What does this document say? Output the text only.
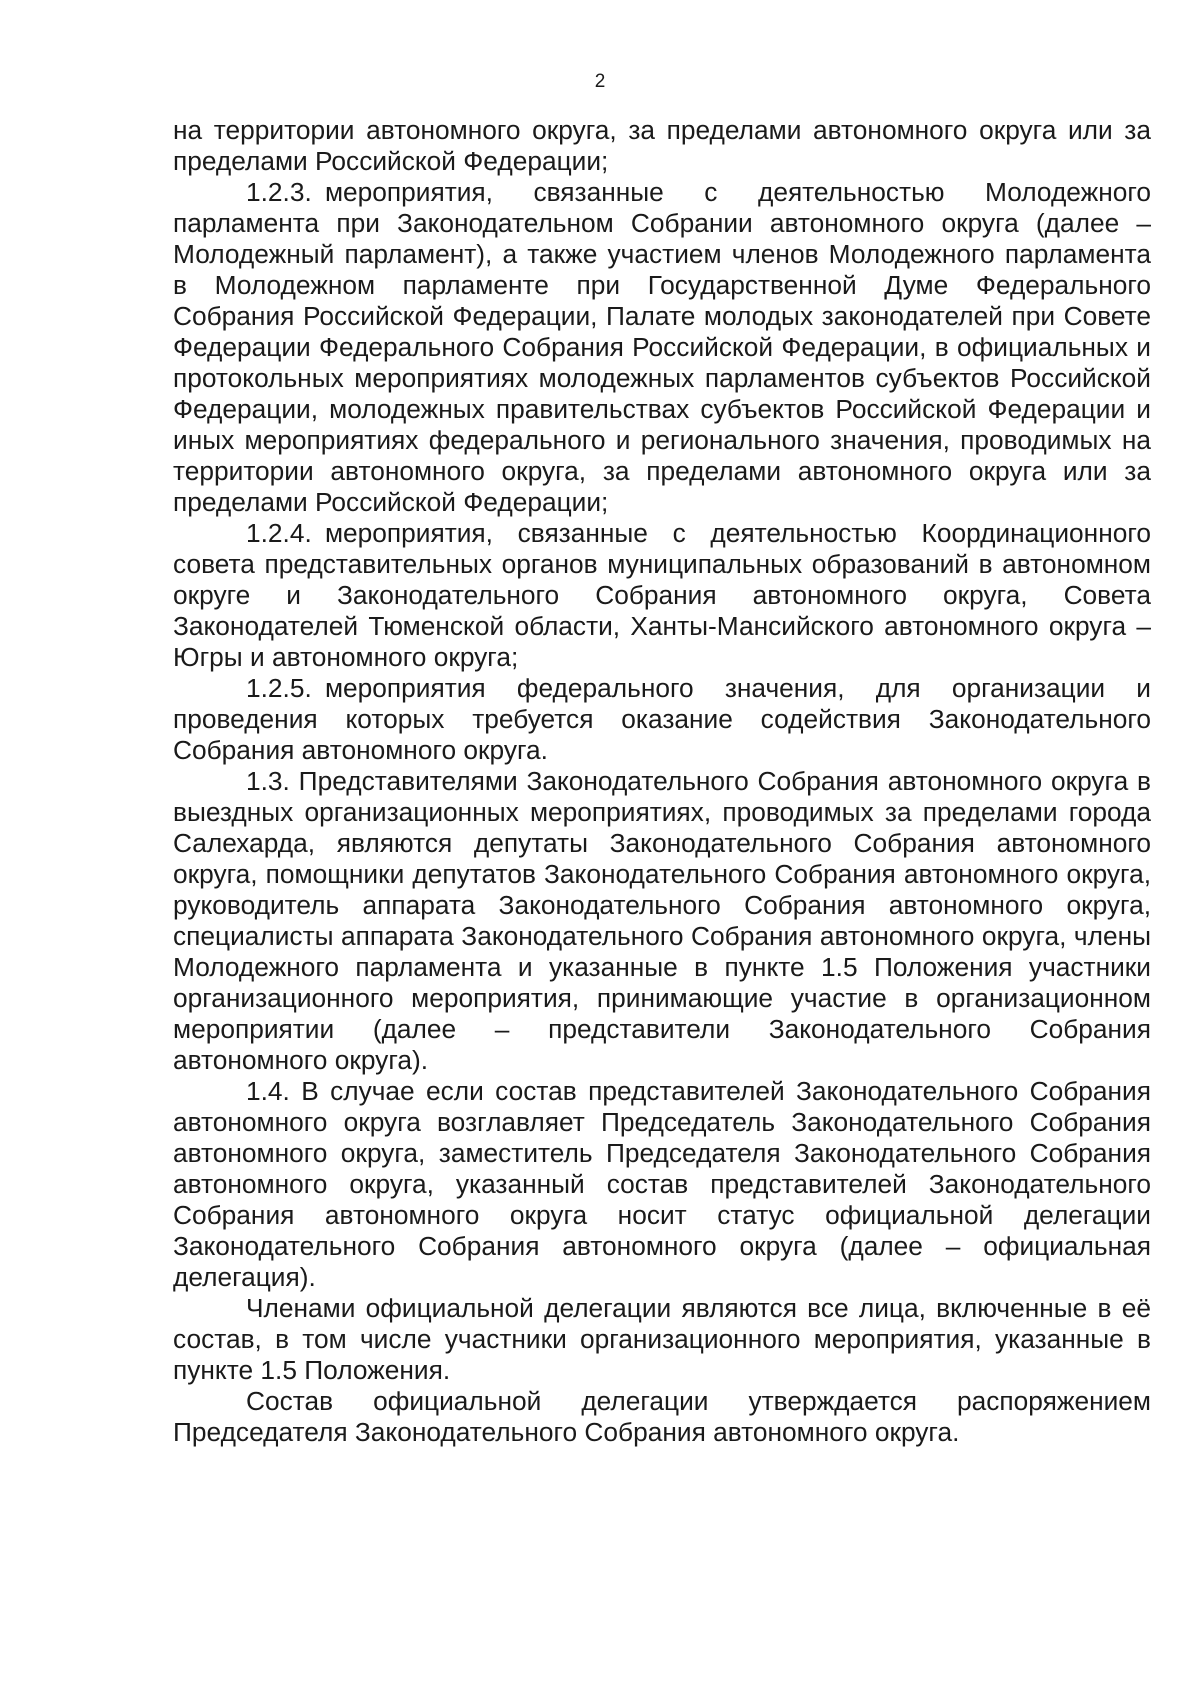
2

на территории автономного округа, за пределами автономного округа или за пределами Российской Федерации;

1.2.3. мероприятия, связанные с деятельностью Молодежного парламента при Законодательном Собрании автономного округа (далее – Молодежный парламент), а также участием членов Молодежного парламента в Молодежном парламенте при Государственной Думе Федерального Собрания Российской Федерации, Палате молодых законодателей при Совете Федерации Федерального Собрания Российской Федерации, в официальных и протокольных мероприятиях молодежных парламентов субъектов Российской Федерации, молодежных правительствах субъектов Российской Федерации и иных мероприятиях федерального и регионального значения, проводимых на территории автономного округа, за пределами автономного округа или за пределами Российской Федерации;

1.2.4. мероприятия, связанные с деятельностью Координационного совета представительных органов муниципальных образований в автономном округе и Законодательного Собрания автономного округа, Совета Законодателей Тюменской области, Ханты-Мансийского автономного округа – Югры и автономного округа;

1.2.5. мероприятия федерального значения, для организации и проведения которых требуется оказание содействия Законодательного Собрания автономного округа.

1.3. Представителями Законодательного Собрания автономного округа в выездных организационных мероприятиях, проводимых за пределами города Салехарда, являются депутаты Законодательного Собрания автономного округа, помощники депутатов Законодательного Собрания автономного округа, руководитель аппарата Законодательного Собрания автономного округа, специалисты аппарата Законодательного Собрания автономного округа, члены Молодежного парламента и указанные в пункте 1.5 Положения участники организационного мероприятия, принимающие участие в организационном мероприятии (далее – представители Законодательного Собрания автономного округа).

1.4. В случае если состав представителей Законодательного Собрания автономного округа возглавляет Председатель Законодательного Собрания автономного округа, заместитель Председателя Законодательного Собрания автономного округа, указанный состав представителей Законодательного Собрания автономного округа носит статус официальной делегации Законодательного Собрания автономного округа (далее – официальная делегация).

Членами официальной делегации являются все лица, включенные в её состав, в том числе участники организационного мероприятия, указанные в пункте 1.5 Положения.

Состав официальной делегации утверждается распоряжением Председателя Законодательного Собрания автономного округа.
